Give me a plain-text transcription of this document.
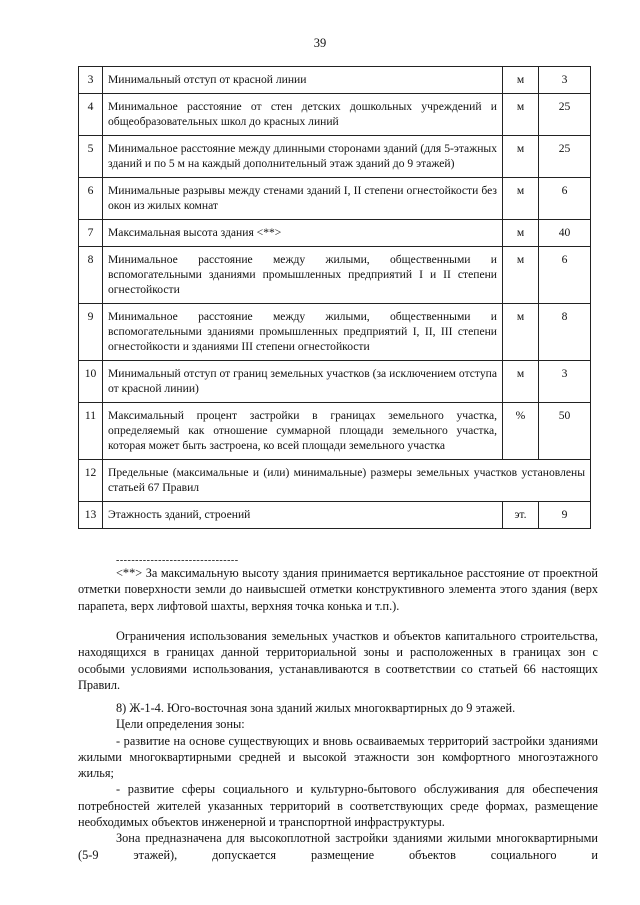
39
3	Минимальный отступ от красной линии	м	3
4	Минимальное расстояние от стен детских дошкольных учреждений и общеобразовательных школ до красных линий	м	25
5	Минимальное расстояние между длинными сторонами зданий (для 5-этажных зданий и по 5 м на каждый дополнительный этаж зданий до 9 этажей)	м	25
6	Минимальные разрывы между стенами зданий I, II степени огнестойкости без окон из жилых комнат	м	6
7	Максимальная высота здания <**>	м	40
8	Минимальное расстояние между жилыми, общественными и вспомогательными зданиями промышленных предприятий I и II степени огнестойкости	м	6
9	Минимальное расстояние между жилыми, общественными и вспомогательными зданиями промышленных предприятий I, II, III степени огнестойкости и зданиями III степени огнестойкости	м	8
10	Минимальный отступ от границ земельных участков (за исключением отступа от красной линии)	м	3
11	Максимальный процент застройки в границах земельного участка, определяемый как отношение суммарной площади земельного участка, которая может быть застроена, ко всей площади земельного участка	%	50
12	Предельные (максимальные и (или) минимальные) размеры земельных участков установлены статьей 67 Правил		
13	Этажность зданий, строений	эт.	9
--------------------------------

<**> За максимальную высоту здания принимается вертикальное расстояние от проектной отметки поверхности земли до наивысшей отметки конструктивного элемента этого здания (верх парапета, верх лифтовой шахты, верхняя точка конька и т.п.).

Ограничения использования земельных участков и объектов капитального строительства, находящихся в границах данной территориальной зоны и расположенных в границах зон с особыми условиями использования, устанавливаются в соответствии со статьей 66 настоящих Правил.

8) Ж-1-4. Юго-восточная зона зданий жилых многоквартирных до 9 этажей.

Цели определения зоны:

- развитие на основе существующих и вновь осваиваемых территорий застройки зданиями жилыми многоквартирными средней и высокой этажности зон комфортного многоэтажного жилья;

- развитие сферы социального и культурно-бытового обслуживания для обеспечения потребностей жителей указанных территорий в соответствующих среде формах, размещение необходимых объектов инженерной и транспортной инфраструктуры.

Зона предназначена для высокоплотной застройки зданиями жилыми многоквартирными (5-9 этажей), допускается размещение объектов социального и
